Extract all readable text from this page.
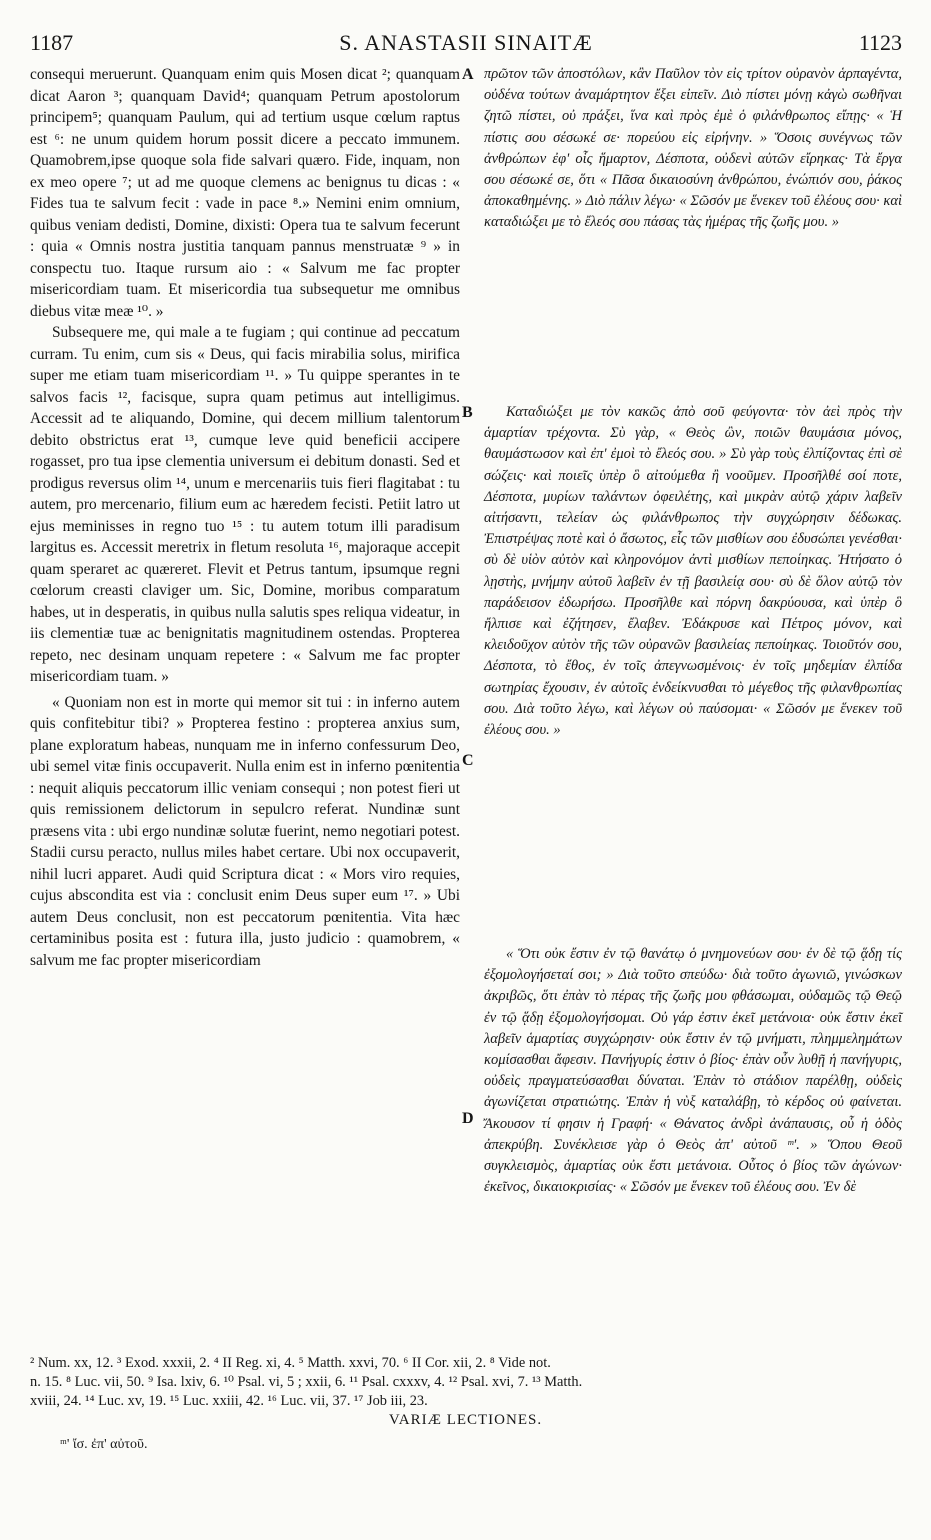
1187	S. ANASTASII SINAITÆ	1123

consequi meruerunt. Quanquam enim quis Mosen dicat ²; quanquam dicat Aaron ³; quanquam David⁴; quanquam Petrum apostolorum principem⁵; quanquam Paulum, qui ad tertium usque cœlum raptus est ⁶: ne unum quidem horum possit dicere a peccato immunem. Quamobrem,ipse quoque sola fide salvari quæro. Fide, inquam, non ex meo opere ⁷; ut ad me quoque clemens ac benignus tu dicas : « Fides tua te salvum fecit : vade in pace ⁸.» Nemini enim omnium, quibus veniam dedisti, Domine, dixisti: Opera tua te salvum fecerunt : quia « Omnis nostra justitia tanquam pannus menstruatæ ⁹ » in conspectu tuo. Itaque rursum aio : « Salvum me fac propter misericordiam tuam. Et misericordia tua subsequetur me omnibus diebus vitæ meæ ¹⁰. »

Subsequere me, qui male a te fugiam ; qui continue ad peccatum curram. Tu enim, cum sis « Deus, qui facis mirabilia solus, mirifica super me etiam tuam misericordiam ¹¹. » Tu quippe sperantes in te salvos facis ¹², facisque, supra quam petimus aut intelligimus. Accessit ad te aliquando, Domine, qui decem millium talentorum debito obstrictus erat ¹³, cumque leve quid beneficii accipere rogasset, pro tua ipse clementia universum ei debitum donasti. Sed et prodigus reversus olim ¹⁴, unum e mercenariis tuis fieri flagitabat : tu autem, pro mercenario, filium eum ac hæredem fecisti. Petiit latro ut ejus meminisses in regno tuo ¹⁵ : tu autem totum illi paradisum largitus es. Accessit meretrix in fletum resoluta ¹⁶, majoraque accepit quam speraret ac quæreret. Flevit et Petrus tantum, ipsumque regni cœlorum creasti claviger um. Sic, Domine, moribus comparatum habes, ut in desperatis, in quibus nulla salutis spes reliqua videatur, in iis clementiæ tuæ ac benignitatis magnitudinem ostendas. Propterea repeto, nec desinam unquam repetere : « Salvum me fac propter misericordiam tuam. »

« Quoniam non est in morte qui memor sit tui : in inferno autem quis confitebitur tibi? » Propterea festino : propterea anxius sum, plane exploratum habeas, nunquam me in inferno confessurum Deo, ubi semel vitæ finis occupaverit. Nulla enim est in inferno pœnitentia : nequit aliquis peccatorum illic veniam consequi ; non potest fieri ut quis remissionem delictorum in sepulcro referat. Nundinæ sunt præsens vita : ubi ergo nundinæ solutæ fuerint, nemo negotiari potest. Stadii cursu peracto, nullus miles habet certare. Ubi nox occupaverit, nihil lucri apparet. Audi quid Scriptura dicat : « Mors viro requies, cujus abscondita est via : conclusit enim Deus super eum ¹⁷. » Ubi autem Deus conclusit, non est peccatorum pœnitentia. Vita hæc certaminibus posita est : futura illa, justo judicio : quamobrem, « salvum me fac propter misericordiam

A
B
C
D

πρῶτον τῶν ἀποστόλων, κἂν Παῦλον τὸν εἰς τρίτον οὐρανὸν ἁρπαγέντα, οὐδένα τούτων ἀναμάρτητον ἔξει εἰπεῖν. Διὸ πίστει μόνῃ κἀγὼ σωθῆναι ζητῶ πίστει, οὐ πράξει, ἵνα καὶ πρὸς ἐμὲ ὁ φιλάνθρωπος εἴπῃς· « Ἡ πίστις σου σέσωκέ σε· πορεύου εἰς εἰρήνην. » Ὅσοις συνέγνως τῶν ἀνθρώπων ἐφ' οἷς ἥμαρτον, Δέσποτα, οὐδενὶ αὐτῶν εἴρηκας· Τὰ ἔργα σου σέσωκέ σε, ὅτι « Πᾶσα δικαιοσύνη ἀνθρώπου, ἐνώπιόν σου, ῥάκος ἀποκαθημένης. » Διὸ πάλιν λέγω· « Σῶσόν με ἕνεκεν τοῦ ἐλέους σου· καὶ καταδιώξει με τὸ ἔλεός σου πάσας τὰς ἡμέρας τῆς ζωῆς μου. »

Καταδιώξει με τὸν κακῶς ἀπὸ σοῦ φεύγοντα· τὸν ἀεὶ πρὸς τὴν ἁμαρτίαν τρέχοντα. Σὺ γὰρ, « Θεὸς ὢν, ποιῶν θαυμάσια μόνος, θαυμάστωσον καὶ ἐπ' ἐμοὶ τὸ ἔλεός σου. » Σὺ γὰρ τοὺς ἐλπίζοντας ἐπὶ σὲ σώζεις· καὶ ποιεῖς ὑπὲρ ὃ αἰτούμεθα ἢ νοοῦμεν. Προσῆλθέ σοί ποτε, Δέσποτα, μυρίων ταλάντων ὀφειλέτης, καὶ μικρὰν αὐτῷ χάριν λαβεῖν αἰτήσαντι, τελείαν ὡς φιλάνθρωπος τὴν συγχώρησιν δέδωκας. Ἐπιστρέψας ποτὲ καὶ ὁ ἄσωτος, εἷς τῶν μισθίων σου ἐδυσώπει γενέσθαι· σὺ δὲ υἱὸν αὐτὸν καὶ κληρονόμον ἀντὶ μισθίων πεποίηκας. Ἠτήσατο ὁ λῃστὴς, μνήμην αὐτοῦ λαβεῖν ἐν τῇ βασιλείᾳ σου· σὺ δὲ ὅλον αὐτῷ τὸν παράδεισον ἐδωρήσω. Προσῆλθε καὶ πόρνη δακρύουσα, καὶ ὑπὲρ ὃ ἤλπισε καὶ ἐζήτησεν, ἔλαβεν. Ἐδάκρυσε καὶ Πέτρος μόνον, καὶ κλειδοῦχον αὐτὸν τῆς τῶν οὐρανῶν βασιλείας πεποίηκας. Τοιοῦτόν σου, Δέσποτα, τὸ ἔθος, ἐν τοῖς ἀπεγνωσμένοις· ἐν τοῖς μηδεμίαν ἐλπίδα σωτηρίας ἔχουσιν, ἐν αὐτοῖς ἐνδείκνυσθαι τὸ μέγεθος τῆς φιλανθρωπίας σου. Διὰ τοῦτο λέγω, καὶ λέγων οὐ παύσομαι· « Σῶσόν με ἕνεκεν τοῦ ἐλέους σου. »

« Ὅτι οὐκ ἔστιν ἐν τῷ θανάτῳ ὁ μνημονεύων σου· ἐν δὲ τῷ ᾅδῃ τίς ἐξομολογήσεταί σοι; » Διὰ τοῦτο σπεύδω· διὰ τοῦτο ἀγωνιῶ, γινώσκων ἀκριβῶς, ὅτι ἐπὰν τὸ πέρας τῆς ζωῆς μου φθάσωμαι, οὐδαμῶς τῷ Θεῷ ἐν τῷ ᾅδῃ ἐξομολογήσομαι. Οὐ γάρ ἐστιν ἐκεῖ μετάνοια· οὐκ ἔστιν ἐκεῖ λαβεῖν ἁμαρτίας συγχώρησιν· οὐκ ἔστιν ἐν τῷ μνήματι, πλημμελημάτων κομίσασθαι ἄφεσιν. Πανήγυρίς ἐστιν ὁ βίος· ἐπὰν οὖν λυθῇ ἡ πανήγυρις, οὐδεὶς πραγματεύσασθαι δύναται. Ἐπὰν τὸ στάδιον παρέλθῃ, οὐδεὶς ἀγωνίζεται στρατιώτης. Ἐπὰν ἡ νὺξ καταλάβῃ, τὸ κέρδος οὐ φαίνεται. Ἄκουσον τί φησιν ἡ Γραφή· « Θάνατος ἀνδρὶ ἀνάπαυσις, οὗ ἡ ὁδὸς ἀπεκρύβη. Συνέκλεισε γὰρ ὁ Θεὸς ἀπ' αὐτοῦ ᵐ'. » Ὅπου Θεοῦ συγκλεισμὸς, ἁμαρτίας οὐκ ἔστι μετάνοια. Οὗτος ὁ βίος τῶν ἀγώνων· ἐκεῖνος, δικαιοκρισίας· « Σῶσόν με ἕνεκεν τοῦ ἐλέους σου. Ἐν δὲ

² Num. xx, 12. ³ Exod. xxxii, 2. ⁴ II Reg. xi, 4. ⁵ Matth. xxvi, 70. ⁶ II Cor. xii, 2. ⁸ Vide not.
n. 15. ⁸ Luc. vii, 50. ⁹ Isa. lxiv, 6. ¹⁰ Psal. vi, 5 ; xxii, 6. ¹¹ Psal. cxxxv, 4. ¹² Psal. xvi, 7. ¹³ Matth.
xviii, 24. ¹⁴ Luc. xv, 19. ¹⁵ Luc. xxiii, 42. ¹⁶ Luc. vii, 37. ¹⁷ Job iii, 23.
VARIÆ LECTIONES.
ᵐ' ἴσ. ἐπ' αὐτοῦ.
